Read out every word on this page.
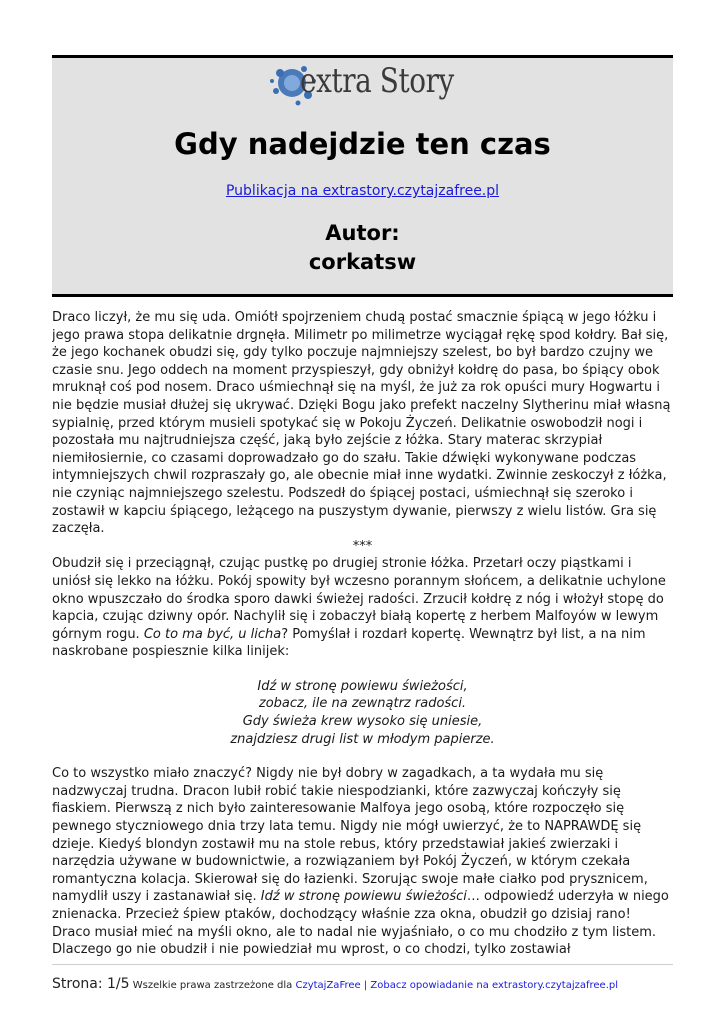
extra Story
Gdy nadejdzie ten czas
Publikacja na extrastory.czytajzafree.pl
Autor:
corkatsw

Draco liczył, że mu się uda. Omiótł spojrzeniem chudą postać smacznie śpiącą w jego łóżku i jego prawa stopa delikatnie drgnęła. Milimetr po milimetrze wyciągał rękę spod kołdry. Bał się, że jego kochanek obudzi się, gdy tylko poczuje najmniejszy szelest, bo był bardzo czujny we czasie snu. Jego oddech na moment przyspieszył, gdy obniżył kołdrę do pasa, bo śpiący obok mruknął coś pod nosem. Draco uśmiechnął się na myśl, że już za rok opuści mury Hogwartu i nie będzie musiał dłużej się ukrywać. Dzięki Bogu jako prefekt naczelny Slytherinu miał własną sypialnię, przed którym musieli spotykać się w Pokoju Życzeń. Delikatnie oswobodził nogi i pozostała mu najtrudniejsza część, jaką było zejście z łóżka. Stary materac skrzypiał niemiłosiernie, co czasami doprowadzało go do szału. Takie dźwięki wykonywane podczas intymniejszych chwil rozpraszały go, ale obecnie miał inne wydatki. Zwinnie zeskoczył z łóżka, nie czyniąc najmniejszego szelestu. Podszedł do śpiącej postaci, uśmiechnął się szeroko i zostawił w kapciu śpiącego, leżącego na puszystym dywanie, pierwszy z wielu listów. Gra się zaczęła.

***

Obudził się i przeciągnął, czując pustkę po drugiej stronie łóżka. Przetarł oczy piąstkami i uniósł się lekko na łóżku. Pokój spowity był wczesno porannym słońcem, a delikatnie uchylone okno wpuszczało do środka sporo dawki świeżej radości. Zrzucił kołdrę z nóg i włożył stopę do kapcia, czując dziwny opór. Nachylił się i zobaczył białą kopertę z herbem Malfoyów w lewym górnym rogu. Co to ma być, u licha? Pomyślał i rozdarł kopertę. Wewnątrz był list, a na nim naskrobane pospiesznie kilka linijek:

Idź w stronę powiewu świeżości,
zobacz, ile na zewnątrz radości.
Gdy świeża krew wysoko się uniesie,
znajdziesz drugi list w młodym papierze.

Co to wszystko miało znaczyć? Nigdy nie był dobry w zagadkach, a ta wydała mu się nadzwyczaj trudna. Dracon lubił robić takie niespodzianki, które zazwyczaj kończyły się fiaskiem. Pierwszą z nich było zainteresowanie Malfoya jego osobą, które rozpoczęło się pewnego styczniowego dnia trzy lata temu. Nigdy nie mógł uwierzyć, że to NAPRAWDĘ się dzieje. Kiedyś blondyn zostawił mu na stole rebus, który przedstawiał jakieś zwierzaki i narzędzia używane w budownictwie, a rozwiązaniem był Pokój Życzeń, w którym czekała romantyczna kolacja. Skierował się do łazienki. Szorując swoje małe ciałko pod prysznicem, namydlił uszy i zastanawiał się. Idź w stronę powiewu świeżości… odpowiedź uderzyła w niego znienacka. Przecież śpiew ptaków, dochodzący właśnie zza okna, obudził go dzisiaj rano! Draco musiał mieć na myśli okno, ale to nadal nie wyjaśniało, o co mu chodziło z tym listem. Dlaczego go nie obudził i nie powiedział mu wprost, o co chodzi, tylko zostawiał

Strona: 1/5 Wszelkie prawa zastrzeżone dla CzytajZaFree | Zobacz opowiadanie na extrastory.czytajzafree.pl
